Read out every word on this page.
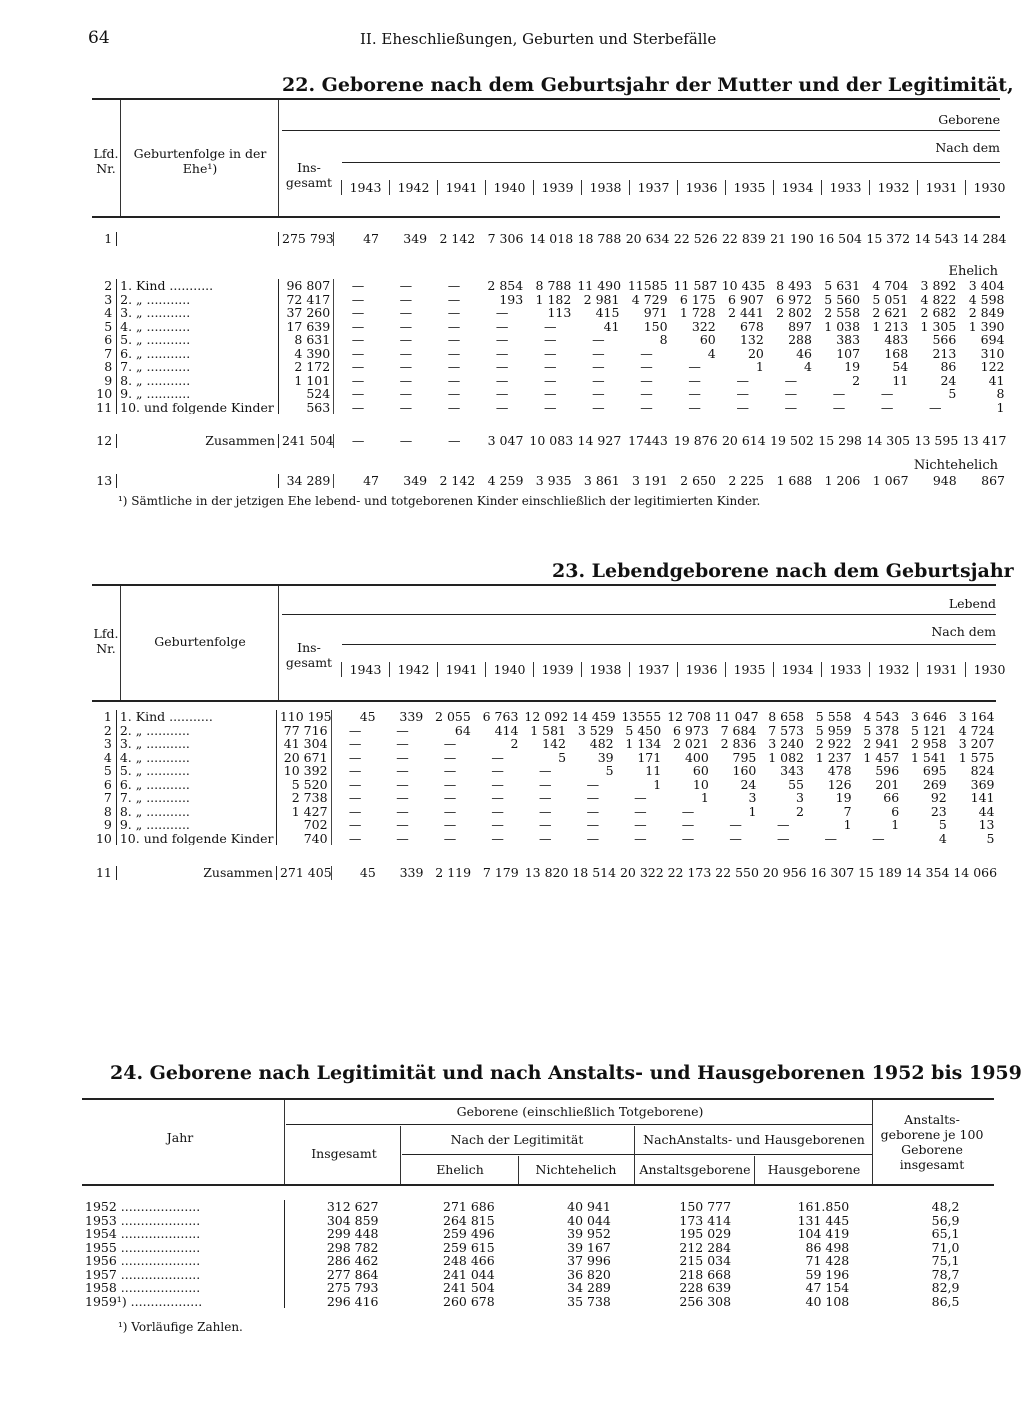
64	II. Eheschließungen, Geburten und Sterbefälle
22. Geborene nach dem Geburtsjahr der Mutter und der Legitimität,
Lfd. Nr.
Geburtenfolge in der Ehe¹)	Ins- gesamt
Geborene
Nach dem
1943	1942	1941	1940	1939	1938	1937	1936	1935	1934	1933	1932	1931	1930
1		275 793	47	349	2 142	7 306	14 018	18 788	20 634	22 526	22 839	21 190	16 504	15 372	14 543	14 284
Ehelich
2	1. Kind ...........	96 807	—	—	—	2 854	8 788	11 490	11585	11 587	10 435	8 493	5 631	4 704	3 892	3 404
3	2. „ ...........	72 417	—	—	—	193	1 182	2 981	4 729	6 175	6 907	6 972	5 560	5 051	4 822	4 598
4	3. „ ...........	37 260	—	—	—	—	113	415	971	1 728	2 441	2 802	2 558	2 621	2 682	2 849
5	4. „ ...........	17 639	—	—	—	—	—	41	150	322	678	897	1 038	1 213	1 305	1 390
6	5. „ ...........	8 631	—	—	—	—	—	—	8	60	132	288	383	483	566	694
7	6. „ ...........	4 390	—	—	—	—	—	—	—	4	20	46	107	168	213	310
8	7. „ ...........	2 172	—	—	—	—	—	—	—	—	1	4	19	54	86	122
9	8. „ ...........	1 101	—	—	—	—	—	—	—	—	—	—	2	11	24	41
10	9. „ ...........	524	—	—	—	—	—	—	—	—	—	—	—	—	5	8
11	10. und folgende Kinder	563	—	—	—	—	—	—	—	—	—	—	—	—	—	1
12	Zusammen	241 504	—	—	—	3 047	10 083	14 927	17443	19 876	20 614	19 502	15 298	14 305	13 595	13 417
Nichtehelich
13		34 289	47	349	2 142	4 259	3 935	3 861	3 191	2 650	2 225	1 688	1 206	1 067	948	867
¹) Sämtliche in der jetzigen Ehe lebend- und totgeborenen Kinder einschließlich der legitimierten Kinder.
23. Lebendgeborene nach dem Geburtsjahr
Lfd. Nr.	Geburtenfolge	Ins- gesamt
Lebend
Nach dem
1943	1942	1941	1940	1939	1938	1937	1936	1935	1934	1933	1932	1931	1930
1	1. Kind ...........	110 195	45	339	2 055	6 763	12 092	14 459	13555	12 708	11 047	8 658	5 558	4 543	3 646	3 164
2	2. „ ...........	77 716	—	—	64	414	1 581	3 529	5 450	6 973	7 684	7 573	5 959	5 378	5 121	4 724
3	3. „ ...........	41 304	—	—	—	2	142	482	1 134	2 021	2 836	3 240	2 922	2 941	2 958	3 207
4	4. „ ...........	20 671	—	—	—	—	5	39	171	400	795	1 082	1 237	1 457	1 541	1 575
5	5. „ ...........	10 392	—	—	—	—	—	5	11	60	160	343	478	596	695	824
6	6. „ ...........	5 520	—	—	—	—	—	—	1	10	24	55	126	201	269	369
7	7. „ ...........	2 738	—	—	—	—	—	—	—	1	3	3	19	66	92	141
8	8. „ ...........	1 427	—	—	—	—	—	—	—	—	1	2	7	6	23	44
9	9. „ ...........	702	—	—	—	—	—	—	—	—	—	—	1	1	5	13
10	10. und folgende Kinder	740	—	—	—	—	—	—	—	—	—	—	—	—	4	5
11	Zusammen	271 405	45	339	2 119	7 179	13 820	18 514	20 322	22 173	22 550	20 956	16 307	15 189	14 354	14 066
24. Geborene nach Legitimität und nach Anstalts- und Hausgeborenen 1952 bis 1959
Jahr
Geborene (einschließlich Totgeborene)
Insgesamt
Nach der Legitimität	NachAnstalts- und Hausgeborenen
Ehelich	Nichtehelich	Anstaltsgeborene	Hausgeborene
Anstalts- geborene je 100 Geborene insgesamt
1952 ....................	312 627	271 686	40 941	150 777	161.850	48,2
1953 ....................	304 859	264 815	40 044	173 414	131 445	56,9
1954 ....................	299 448	259 496	39 952	195 029	104 419	65,1
1955 ....................	298 782	259 615	39 167	212 284	86 498	71,0
1956 ....................	286 462	248 466	37 996	215 034	71 428	75,1
1957 ....................	277 864	241 044	36 820	218 668	59 196	78,7
1958 ....................	275 793	241 504	34 289	228 639	47 154	82,9
1959¹) ..................	296 416	260 678	35 738	256 308	40 108	86,5
¹) Vorläufige Zahlen.
